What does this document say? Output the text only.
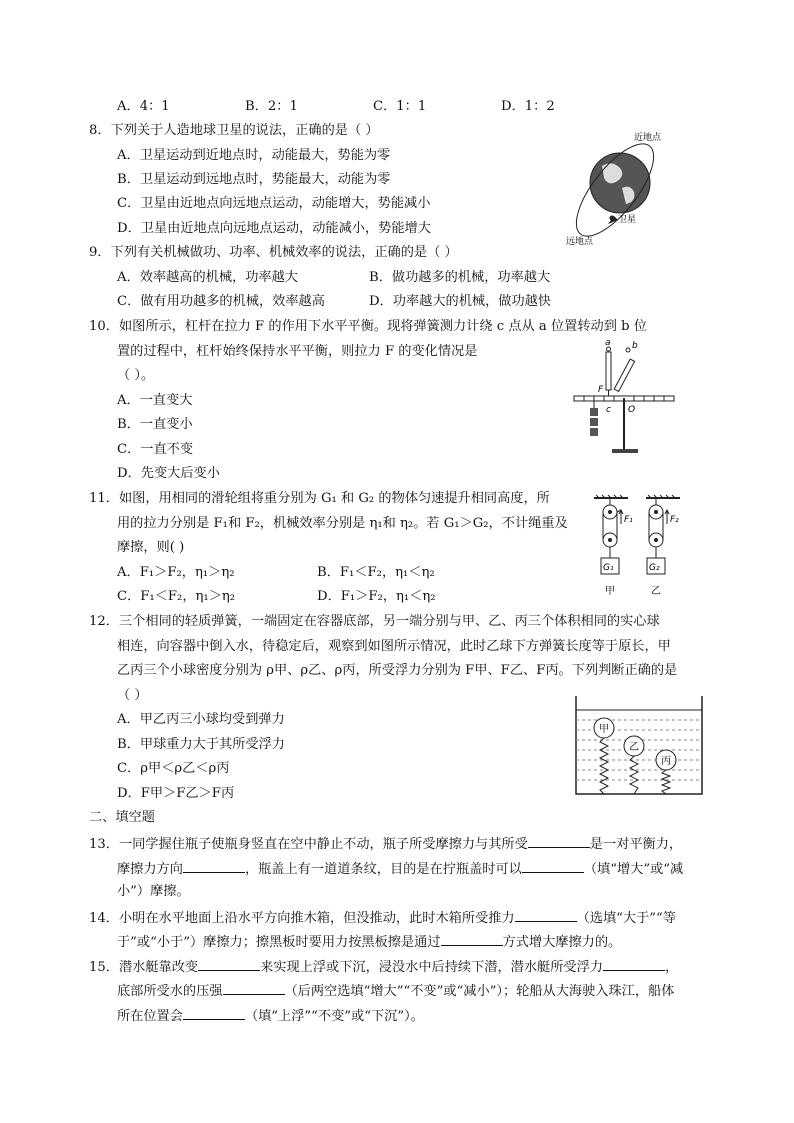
A．4：1	B．2：1	C．1：1	D．1：2
8．下列关于人造地球卫星的说法，正确的是（ ）
A．卫星运动到近地点时，动能最大，势能为零
B．卫星运动到远地点时，势能最大，动能为零
C．卫星由近地点向远地点运动，动能增大，势能减小
D．卫星由近地点向远地点运动，动能减小，势能增大
近地点
卫星
远地点
9．下列有关机械做功、功率、机械效率的说法，正确的是（ ）
A．效率越高的机械，功率越大	B．做功越多的机械，功率越大
C．做有用功越多的机械，效率越高	D．功率越大的机械，做功越快
10．如图所示，杠杆在拉力 F 的作用下水平平衡。现将弹簧测力计绕 c 点从 a 位置转动到 b 位
置的过程中，杠杆始终保持水平平衡，则拉力 F 的变化情况是
（ ）。
A．一直变大
B．一直变小
C．一直不变
D．先变大后变小
a b
F
c O
11．如图，用相同的滑轮组将重分别为 G₁ 和 G₂ 的物体匀速提升相同高度，所
用的拉力分别是 F₁和 F₂，机械效率分别是 η₁和 η₂。若 G₁＞G₂，不计绳重及
摩擦，则( )
A．F₁＞F₂，η₁＞η₂	B．F₁＜F₂，η₁＜η₂
C．F₁＜F₂，η₁＞η₂	D．F₁＞F₂，η₁＜η₂
F₁	F₂
G₁	G₂
甲	乙
12．三个相同的轻质弹簧，一端固定在容器底部，另一端分别与甲、乙、丙三个体积相同的实心球
相连，向容器中倒入水，待稳定后，观察到如图所示情况，此时乙球下方弹簧长度等于原长，甲
乙丙三个小球密度分别为 ρ甲、ρ乙、ρ丙，所受浮力分别为 F甲、F乙、F丙。下列判断正确的是
（ ）
A．甲乙丙三小球均受到弹力
B．甲球重力大于其所受浮力
C．ρ甲＜ρ乙＜ρ丙
D．F甲＞F乙＞F丙
甲
乙
丙
二、填空题
13．一同学握住瓶子使瓶身竖直在空中静止不动，瓶子所受摩擦力与其所受	是一对平衡力，
摩擦力方向	，瓶盖上有一道道条纹，目的是在拧瓶盖时可以	（填“增大”或“减
小”）摩擦。
14．小明在水平地面上沿水平方向推木箱，但没推动，此时木箱所受推力	（选填“大于”“等
于”或“小于”）摩擦力；擦黑板时要用力按黑板擦是通过	方式增大摩擦力的。
15．潜水艇靠改变	来实现上浮或下沉，浸没水中后持续下潜，潜水艇所受浮力	，
底部所受水的压强	（后两空选填“增大”“不变”或“减小”）；轮船从大海驶入珠江，船体
所在位置会	（填“上浮”“不变”或“下沉”）。
